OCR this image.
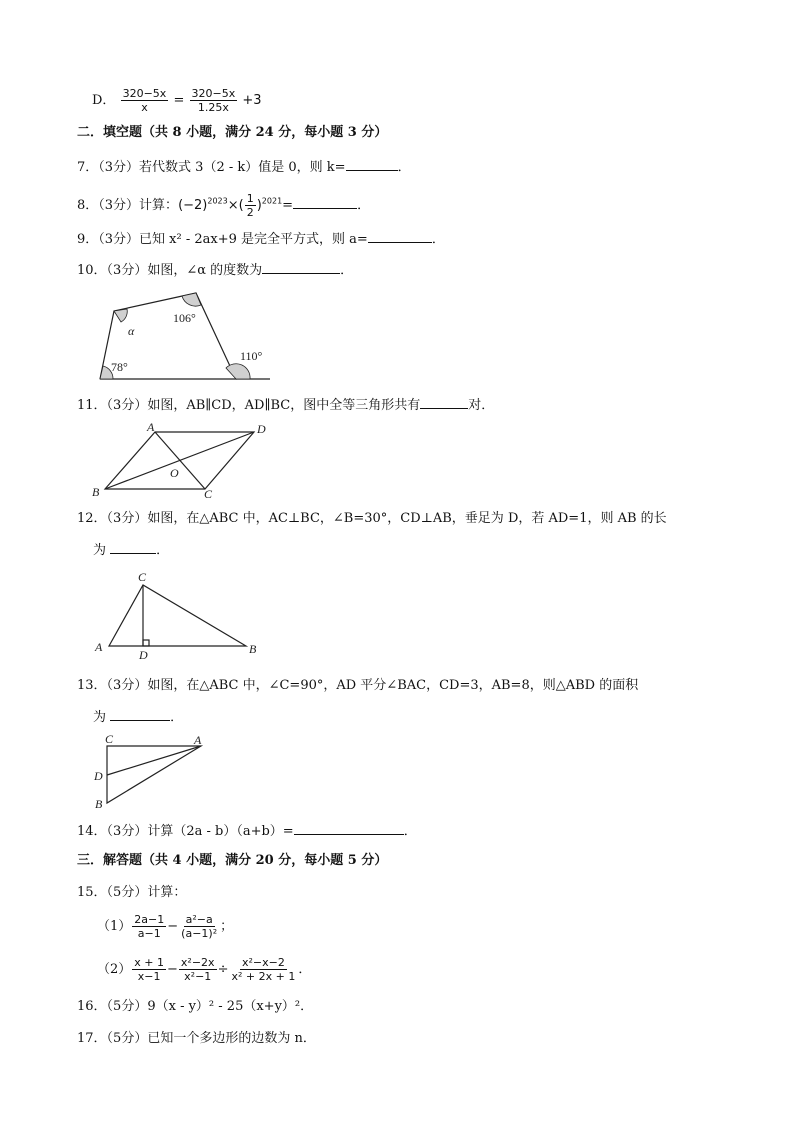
D． $\frac{320-5x}{x} = \frac{320-5x}{1.25x} +3$
二．填空题（共 8 小题，满分 24 分，每小题 3 分）
7．（3分）若代数式 3（2 - k）值是 0，则 k=	．
8．（3分）计算：$(-2)^{2023}\times( \frac{1}{2} )^{2021}=$	．
9．（3分）已知 x² - 2ax+9 是完全平方式，则 a=	．
10．（3分）如图，∠α 的度数为	．
106°
α
78°
110°
A	D
B	C
O
C
A
D	B
C	A
D
B
11．（3分）如图，AB∥CD，AD∥BC，图中全等三角形共有	对．
12．（3分）如图，在△ABC 中，AC⊥BC，∠B=30°，CD⊥AB，垂足为 D，若 AD=1，则 AB 的长
为	．
13．（3分）如图，在△ABC 中，∠C=90°，AD 平分∠BAC，CD=3，AB=8，则△ABD 的面积
为	．
14．（3分）计算（2a - b）（a+b）=	．
三．解答题（共 4 小题，满分 20 分，每小题 5 分）
15．（5分）计算：
$(1) \frac{2a-1}{a-1} - \frac{\text{a²−a}}{\text{(a−1)²}}$ ；
$(2) \frac{x + 1}{x-1} - \frac{\text{x²−2x}}{\text{x²−1}} \div \frac{\text{x²−x−2}}{\text{x² + 2x + 1}}$ ．
16．（5分）9（x - y）² - 25（x+y）²．
17．（5分）已知一个多边形的边数为 n．
